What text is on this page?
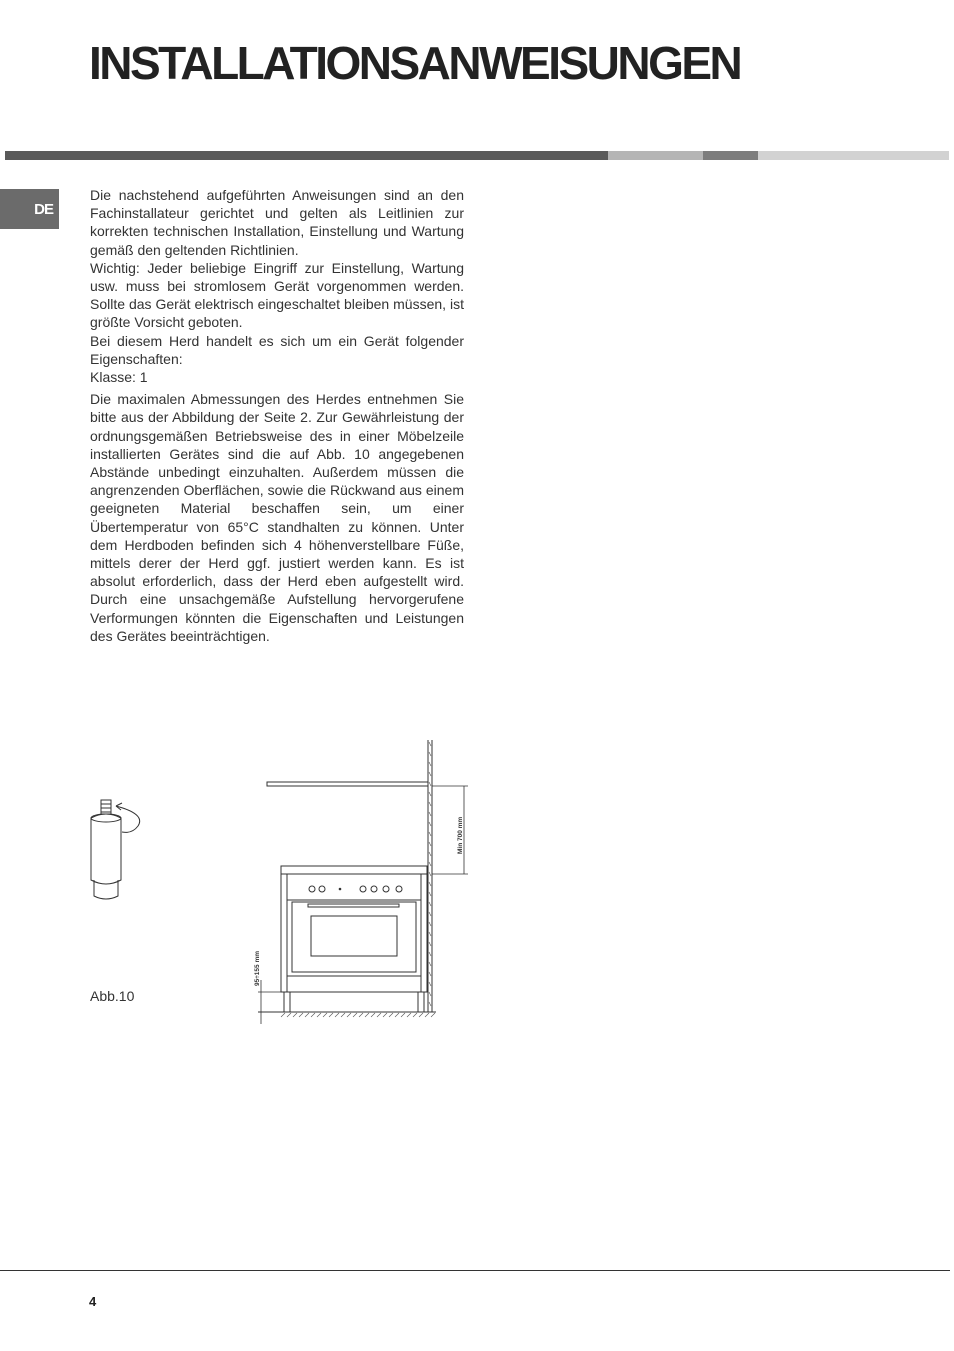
INSTALLATIONSANWEISUNGEN
DE

Die nachstehend aufgeführten Anweisungen sind an den Fachinstallateur gerichtet und gelten als Leitlinien zur korrekten technischen Installation, Einstellung und Wartung gemäß den geltenden Richtlinien.

Wichtig: Jeder beliebige Eingriff zur Einstellung, Wartung usw. muss bei stromlosem Gerät vorgenommen werden. Sollte das Gerät elektrisch eingeschaltet bleiben müssen, ist größte Vorsicht geboten.

Bei diesem Herd handelt es sich um ein Gerät folgender Eigenschaften:

Klasse: 1

Die maximalen Abmessungen des Herdes entnehmen Sie bitte aus der Abbildung der Seite 2. Zur Gewährleistung der ordnungsgemäßen Betriebsweise des in einer Möbelzeile installierten Gerätes sind die auf Abb. 10 angegebenen Abstände unbedingt einzuhalten. Außerdem müssen die angrenzenden Oberflächen, sowie die Rückwand aus einem geeigneten Material beschaffen sein, um einer Übertemperatur von 65°C standhalten zu können. Unter dem Herdboden befinden sich 4 höhenverstellbare Füße, mittels derer der Herd ggf. justiert werden kann. Es ist absolut erforderlich, dass der Herd eben aufgestellt wird. Durch eine unsachgemäße Aufstellung hervorgerufene Verformungen könnten die Eigenschaften und Leistungen des Gerätes beeinträchtigen.

Min 700 mm
95÷155 mm
Abb.10
4
